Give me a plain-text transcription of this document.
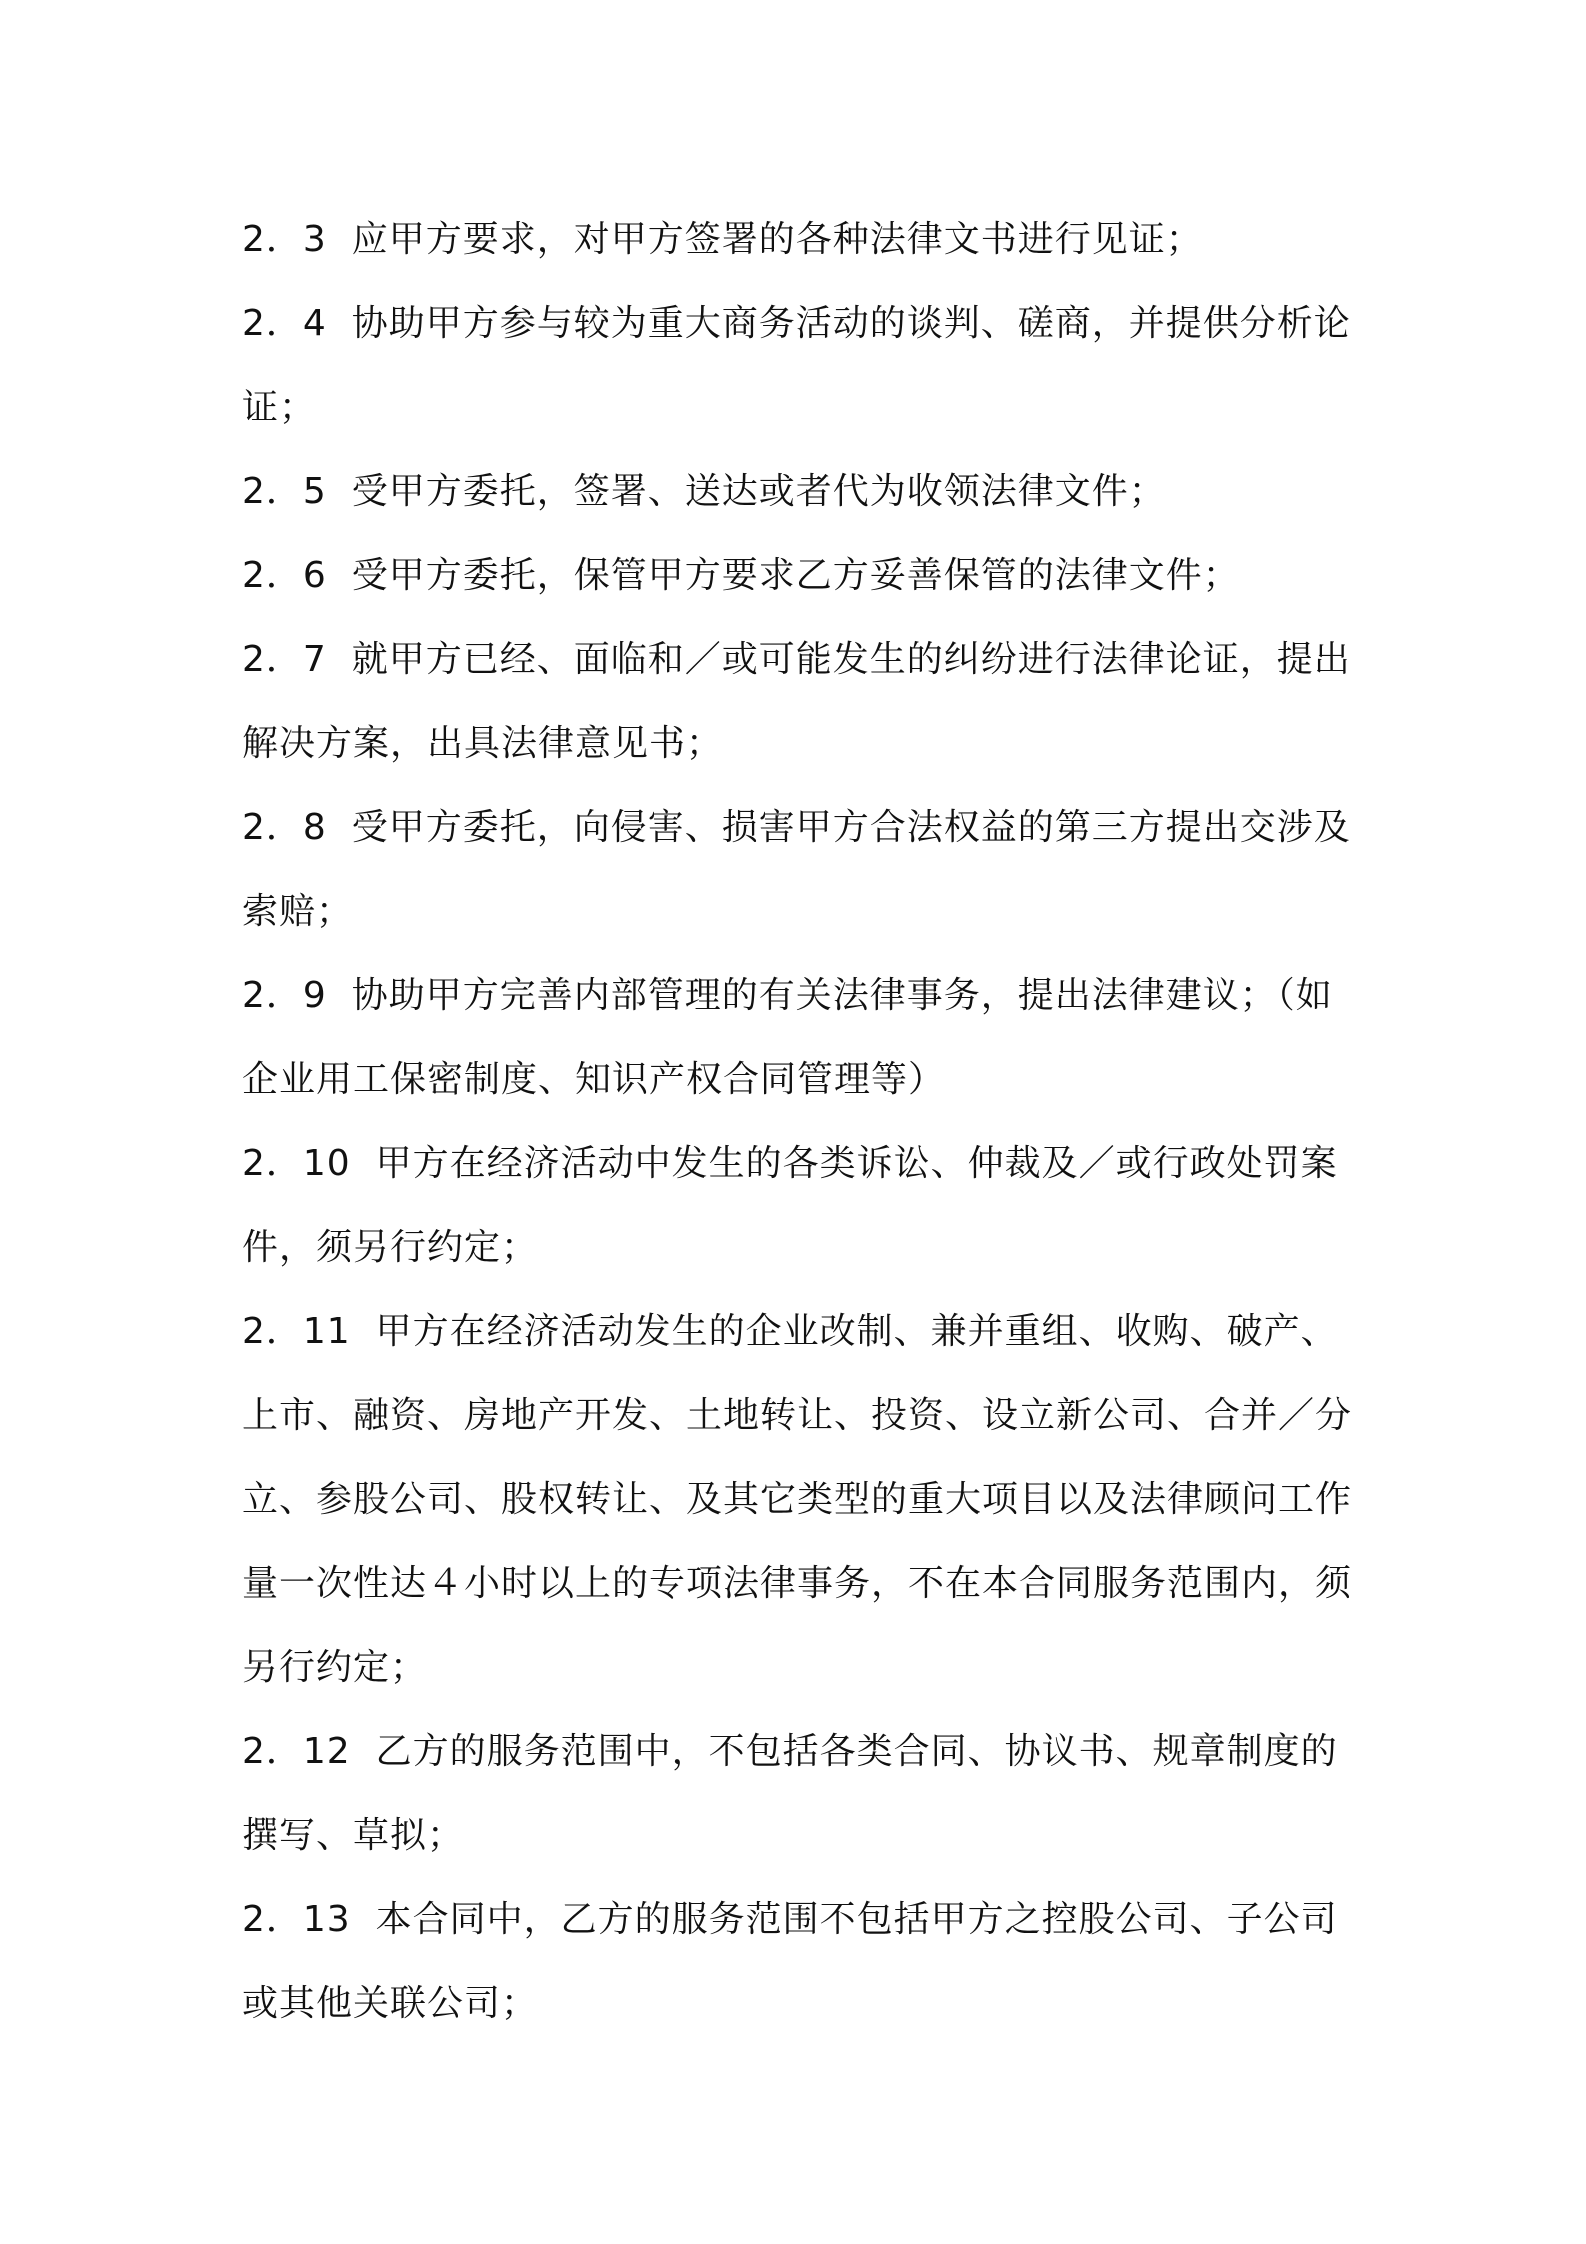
2．3 应甲方要求，对甲方签署的各种法律文书进行见证；

2．4 协助甲方参与较为重大商务活动的谈判、磋商，并提供分析论证；

2．5 受甲方委托，签署、送达或者代为收领法律文件；

2．6 受甲方委托，保管甲方要求乙方妥善保管的法律文件；

2．7 就甲方已经、面临和／或可能发生的纠纷进行法律论证，提出解决方案，出具法律意见书；

2．8 受甲方委托，向侵害、损害甲方合法权益的第三方提出交涉及索赔；

2．9 协助甲方完善内部管理的有关法律事务，提出法律建议；（如企业用工保密制度、知识产权合同管理等）

2．10 甲方在经济活动中发生的各类诉讼、仲裁及／或行政处罚案件，须另行约定；

2．11 甲方在经济活动发生的企业改制、兼并重组、收购、破产、上市、融资、房地产开发、土地转让、投资、设立新公司、合并／分立、参股公司、股权转让、及其它类型的重大项目以及法律顾问工作量一次性达４小时以上的专项法律事务，不在本合同服务范围内，须另行约定；

2．12 乙方的服务范围中，不包括各类合同、协议书、规章制度的撰写、草拟；

2．13 本合同中，乙方的服务范围不包括甲方之控股公司、子公司或其他关联公司；
